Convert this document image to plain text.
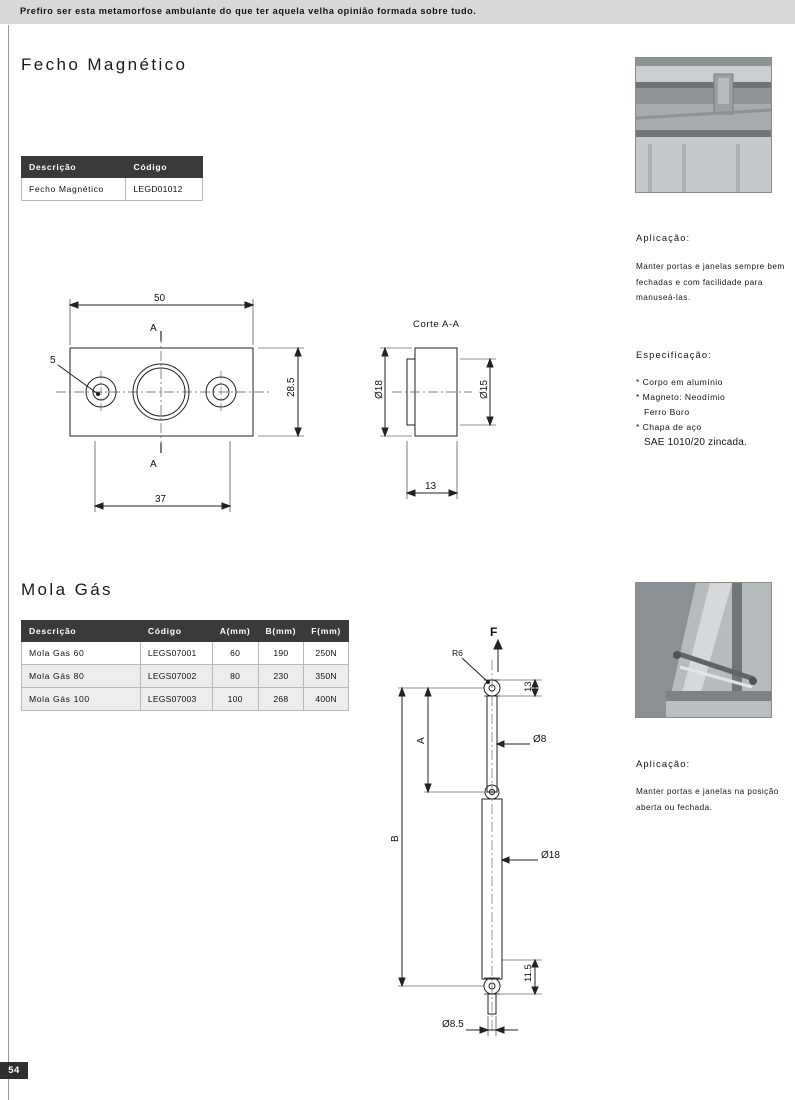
Prefiro ser esta metamorfose ambulante do que ter aquela velha opinião formada sobre tudo.
Fecho Magnético
Descrição	Código
Fecho Magnético	LEGD01012
50
37
28.5
5
A
A
Corte A-A
Ø18	Ø15
13
Mola Gás
Descrição	Código	A(mm)	B(mm)	F(mm)
Mola Gas 60	LEGS07001	60	190	250N
Mola Gás 80	LEGS07002	80	230	350N
Mola Gás 100	LEGS07003	100	268	400N
F
R6
13
A
B
Ø8
Ø18
11.5
Ø8.5
Aplicação:
Manter portas e janelas sempre bem fechadas e com facilidade para manuseá-las.
Especificação:
* Corpo em alumínio
* Magneto: Neodímio
Ferro Boro
* Chapa de aço
SAE 1010/20 zincada.
Aplicação:
Manter portas e janelas na posição aberta ou fechada.
54
